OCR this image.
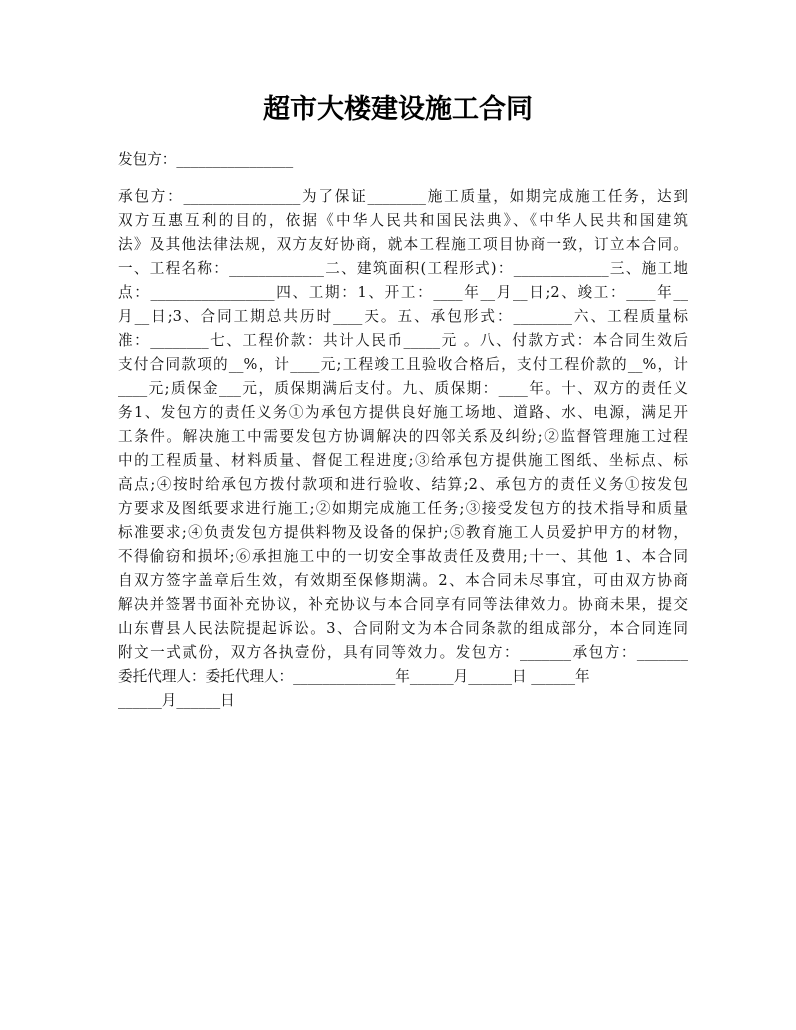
超市大楼建设施工合同
发包方：________________
承包方：________________为了保证________施工质量，如期完成施工任务，达到
双方互惠互利的目的，依据《中华人民共和国民法典》、《中华人民共和国建筑
法》及其他法律法规，双方友好协商，就本工程施工项目协商一致，订立本合同。
一、工程名称：_____________二、建筑面积(工程形式)：_____________三、施工地
点：_________________四、工期：1、开工：____年__月__日;2、竣工：____年__
月__日;3、合同工期总共历时____天。五、承包形式：________六、工程质量标
准：________七、工程价款：共计人民币_____元 。八、付款方式：本合同生效后
支付合同款项的__%，计____元;工程竣工且验收合格后，支付工程价款的__%，计
____元;质保金___元，质保期满后支付。九、质保期：____年。十、双方的责任义
务1、发包方的责任义务①为承包方提供良好施工场地、道路、水、电源，满足开
工条件。解决施工中需要发包方协调解决的四邻关系及纠纷;②监督管理施工过程
中的工程质量、材料质量、督促工程进度;③给承包方提供施工图纸、坐标点、标
高点;④按时给承包方拨付款项和进行验收、结算;2、承包方的责任义务①按发包
方要求及图纸要求进行施工;②如期完成施工任务;③接受发包方的技术指导和质量
标准要求;④负责发包方提供料物及设备的保护;⑤教育施工人员爱护甲方的材物，
不得偷窃和损坏;⑥承担施工中的一切安全事故责任及费用;十一、其他 1、本合同
自双方签字盖章后生效，有效期至保修期满。2、本合同未尽事宜，可由双方协商
解决并签署书面补充协议，补充协议与本合同享有同等法律效力。协商未果，提交
山东曹县人民法院提起诉讼。3、合同附文为本合同条款的组成部分，本合同连同
附文一式贰份，双方各执壹份，具有同等效力。发包方：_______承包方：_______
委托代理人：委托代理人：______________年______月______日 ______年
______月______日
